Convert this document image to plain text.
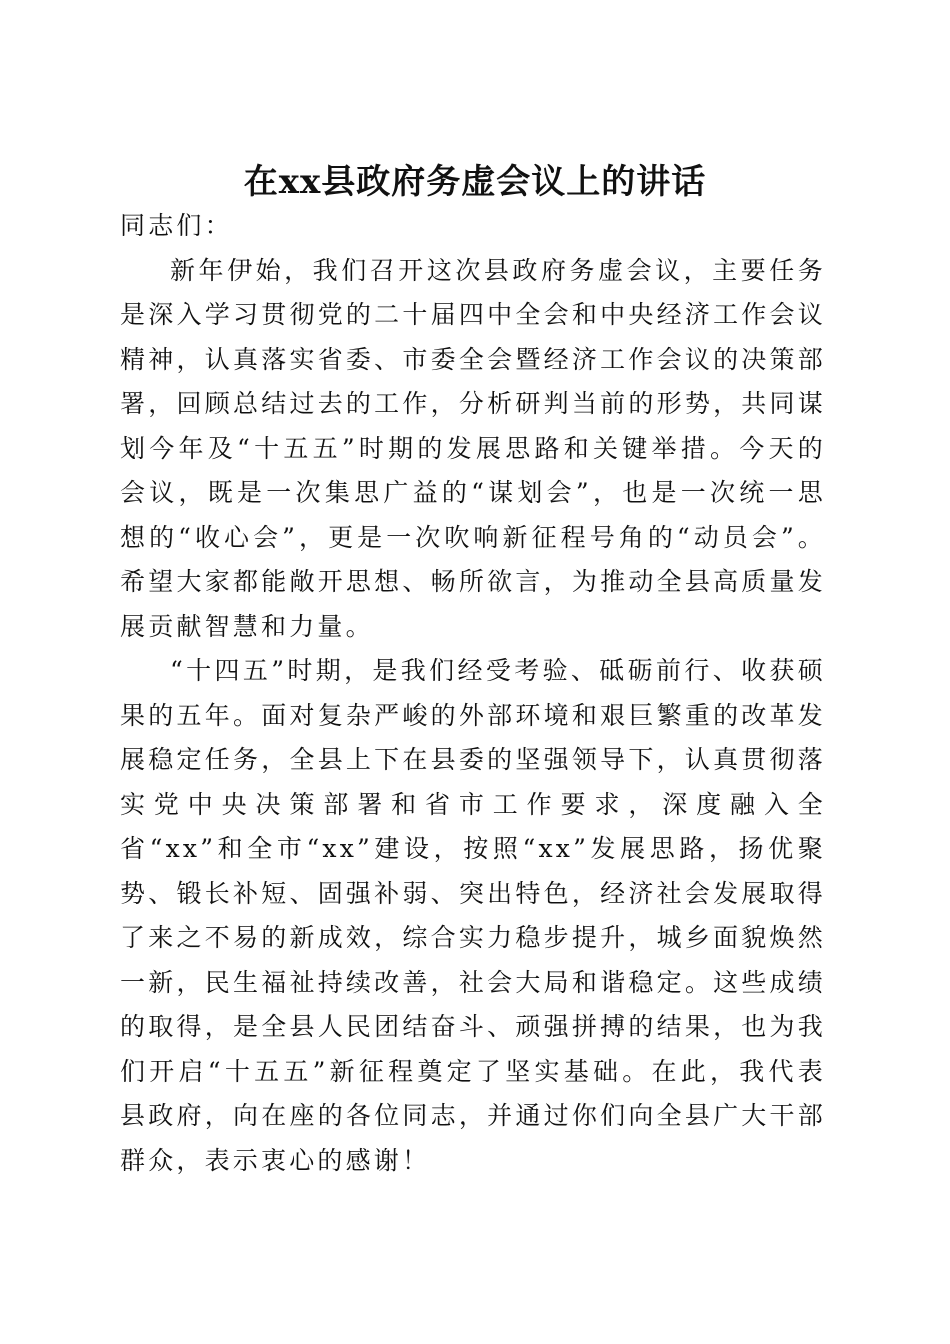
在xx县政府务虚会议上的讲话

同志们：

新年伊始，我们召开这次县政府务虚会议，主要任务是深入学习贯彻党的二十届四中全会和中央经济工作会议精神，认真落实省委、市委全会暨经济工作会议的决策部署，回顾总结过去的工作，分析研判当前的形势，共同谋划今年及“十五五”时期的发展思路和关键举措。今天的会议，既是一次集思广益的“谋划会”，也是一次统一思想的“收心会”，更是一次吹响新征程号角的“动员会”。希望大家都能敞开思想、畅所欲言，为推动全县高质量发展贡献智慧和力量。

“十四五”时期，是我们经受考验、砥砺前行、收获硕果的五年。面对复杂严峻的外部环境和艰巨繁重的改革发展稳定任务，全县上下在县委的坚强领导下，认真贯彻落实党中央决策部署和省市工作要求，深度融入全省“xx”和全市“xx”建设，按照“xx”发展思路，扬优聚势、锻长补短、固强补弱、突出特色，经济社会发展取得了来之不易的新成效，综合实力稳步提升，城乡面貌焕然一新，民生福祉持续改善，社会大局和谐稳定。这些成绩的取得，是全县人民团结奋斗、顽强拼搏的结果，也为我们开启“十五五”新征程奠定了坚实基础。在此，我代表县政府，向在座的各位同志，并通过你们向全县广大干部群众，表示衷心的感谢！
